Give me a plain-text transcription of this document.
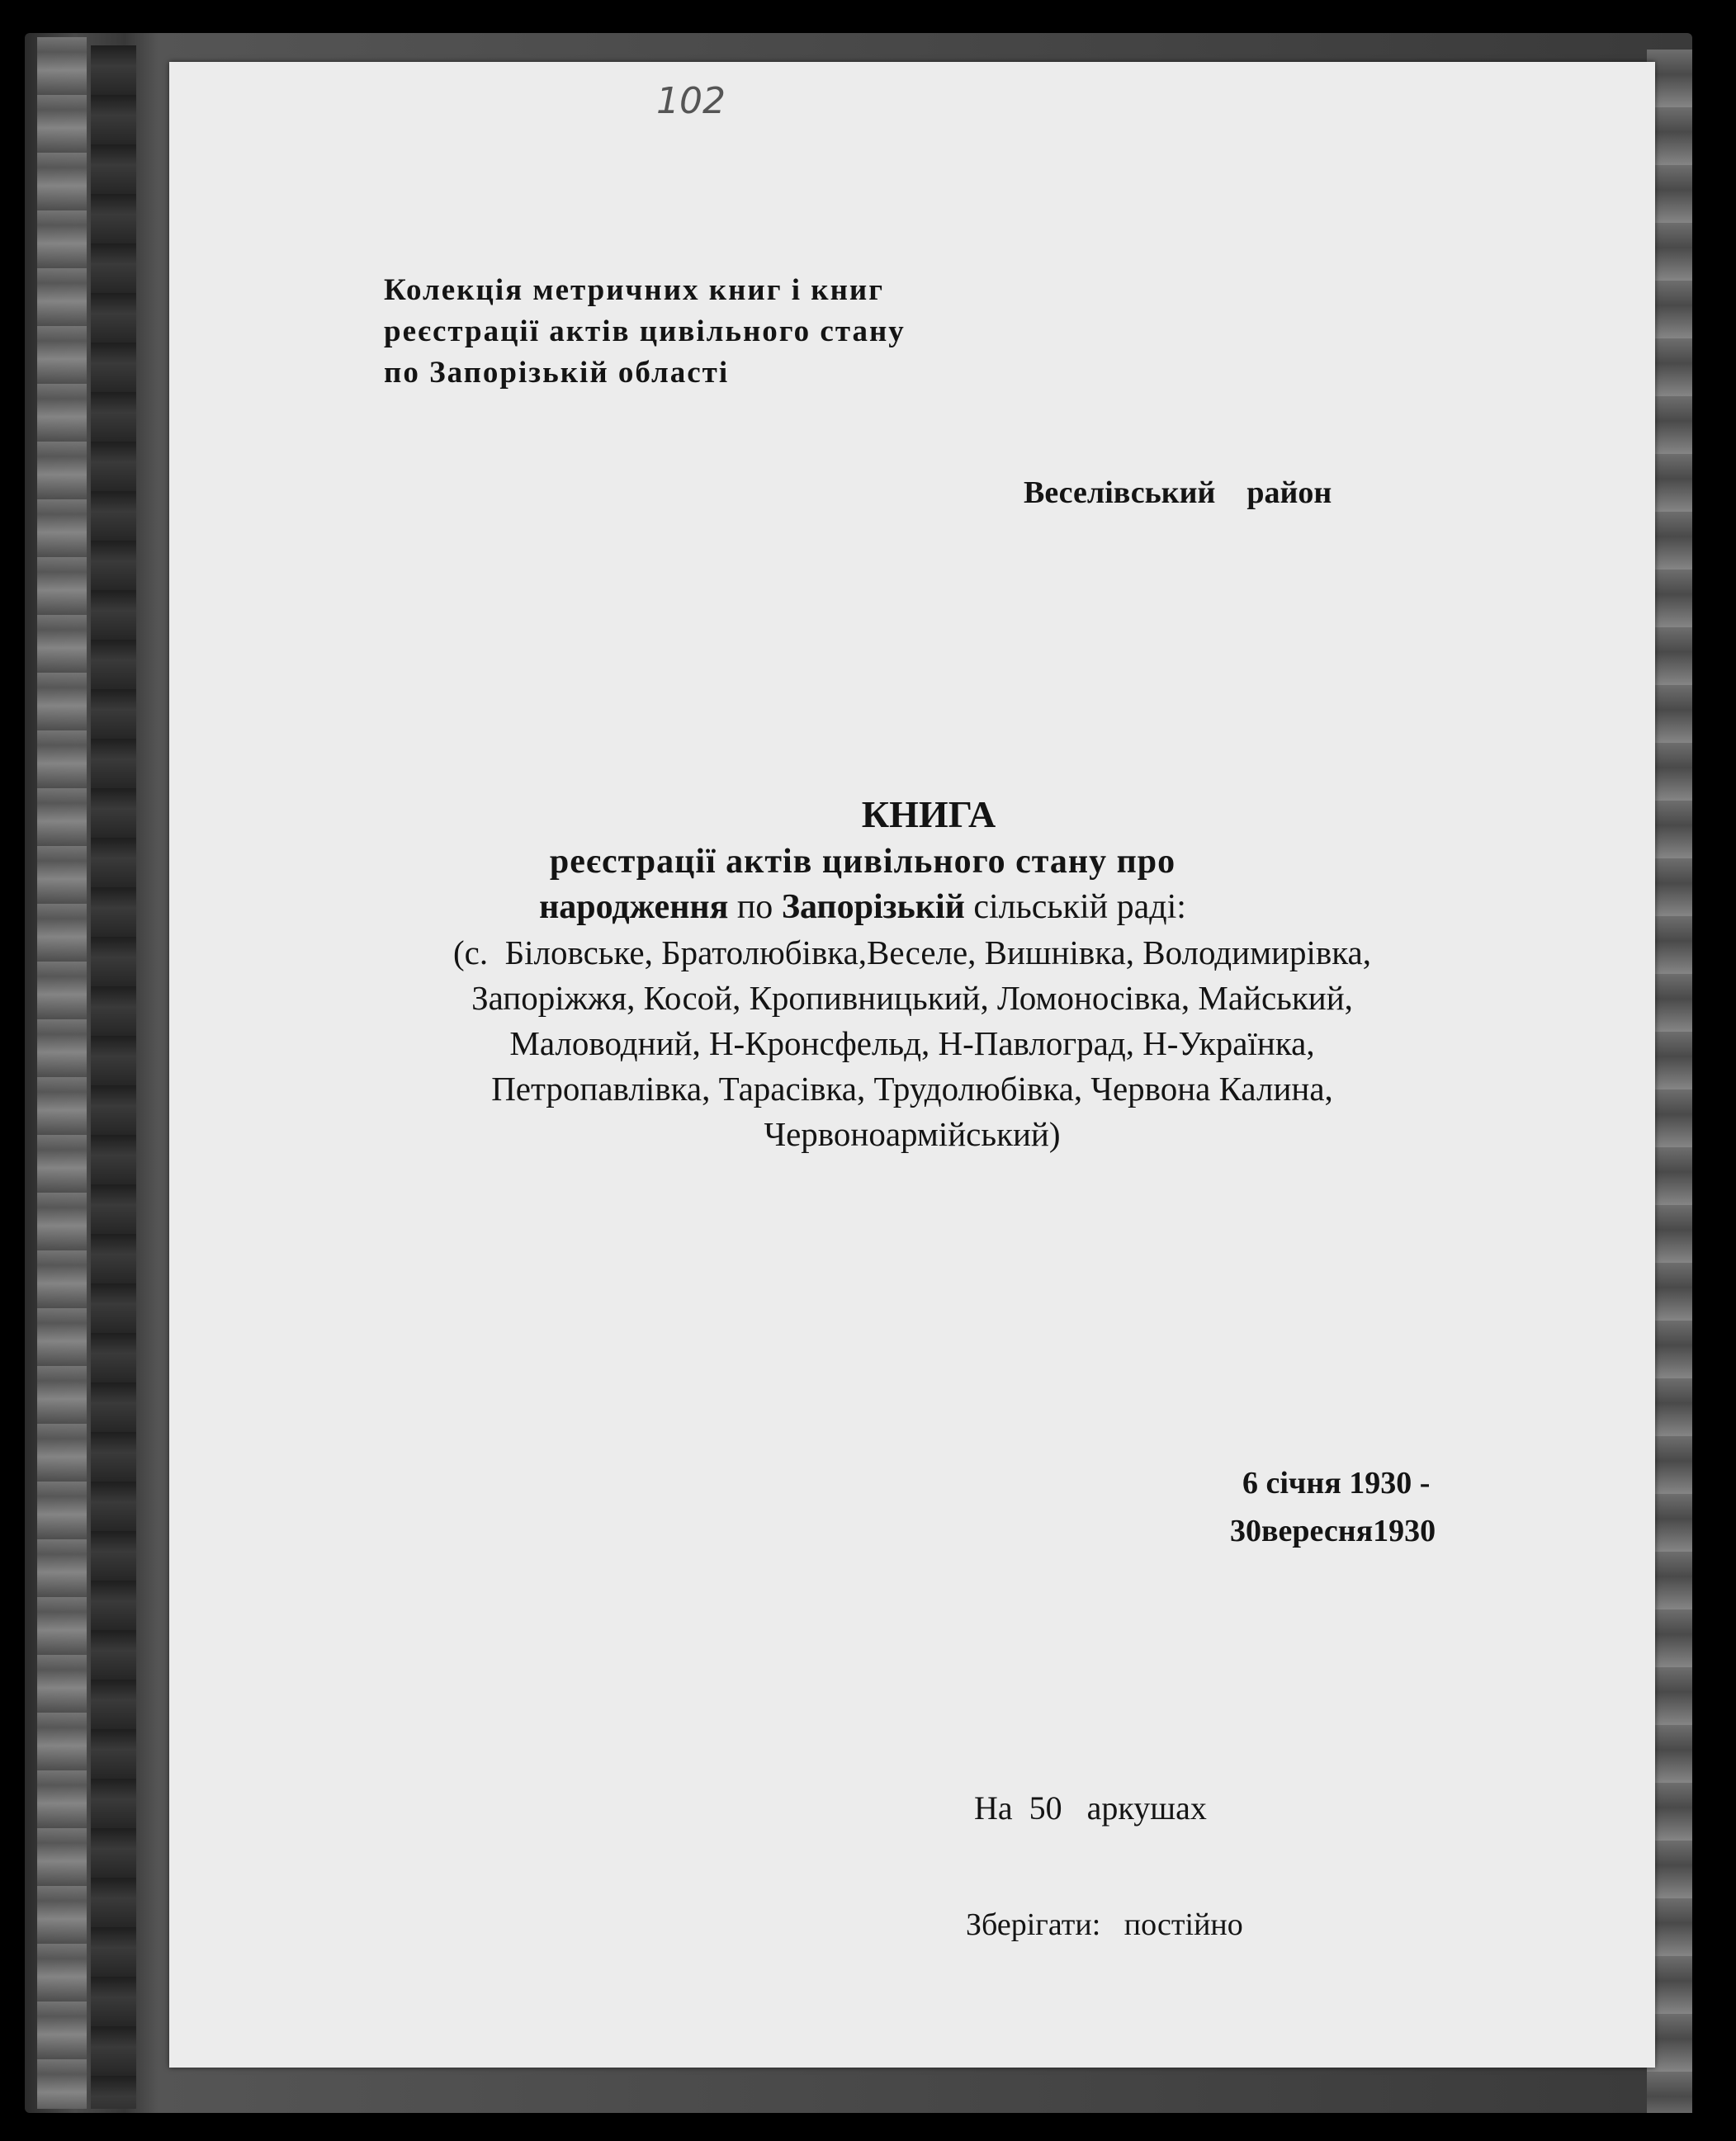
102
Колекція метричних книг і книг
реєстрації актів цивільного стану
по Запорізькій області
Веселівський    район
КНИГА
реєстрації актів цивільного стану про
народження по Запорізькій сільській раді:
(с.  Біловське, Братолюбівка,Веселе, Вишнівка, Володимирівка,
Запоріжжя, Косой, Кропивницький, Ломоносівка, Майський,
Маловодний, Н-Кронсфельд, Н-Павлоград, Н-Українка,
Петропавлівка, Тарасівка, Трудолюбівка, Червона Калина,
Червоноармійський)
6 січня 1930 -
30вересня1930
На  50   аркушах
Зберігати:   постійно
